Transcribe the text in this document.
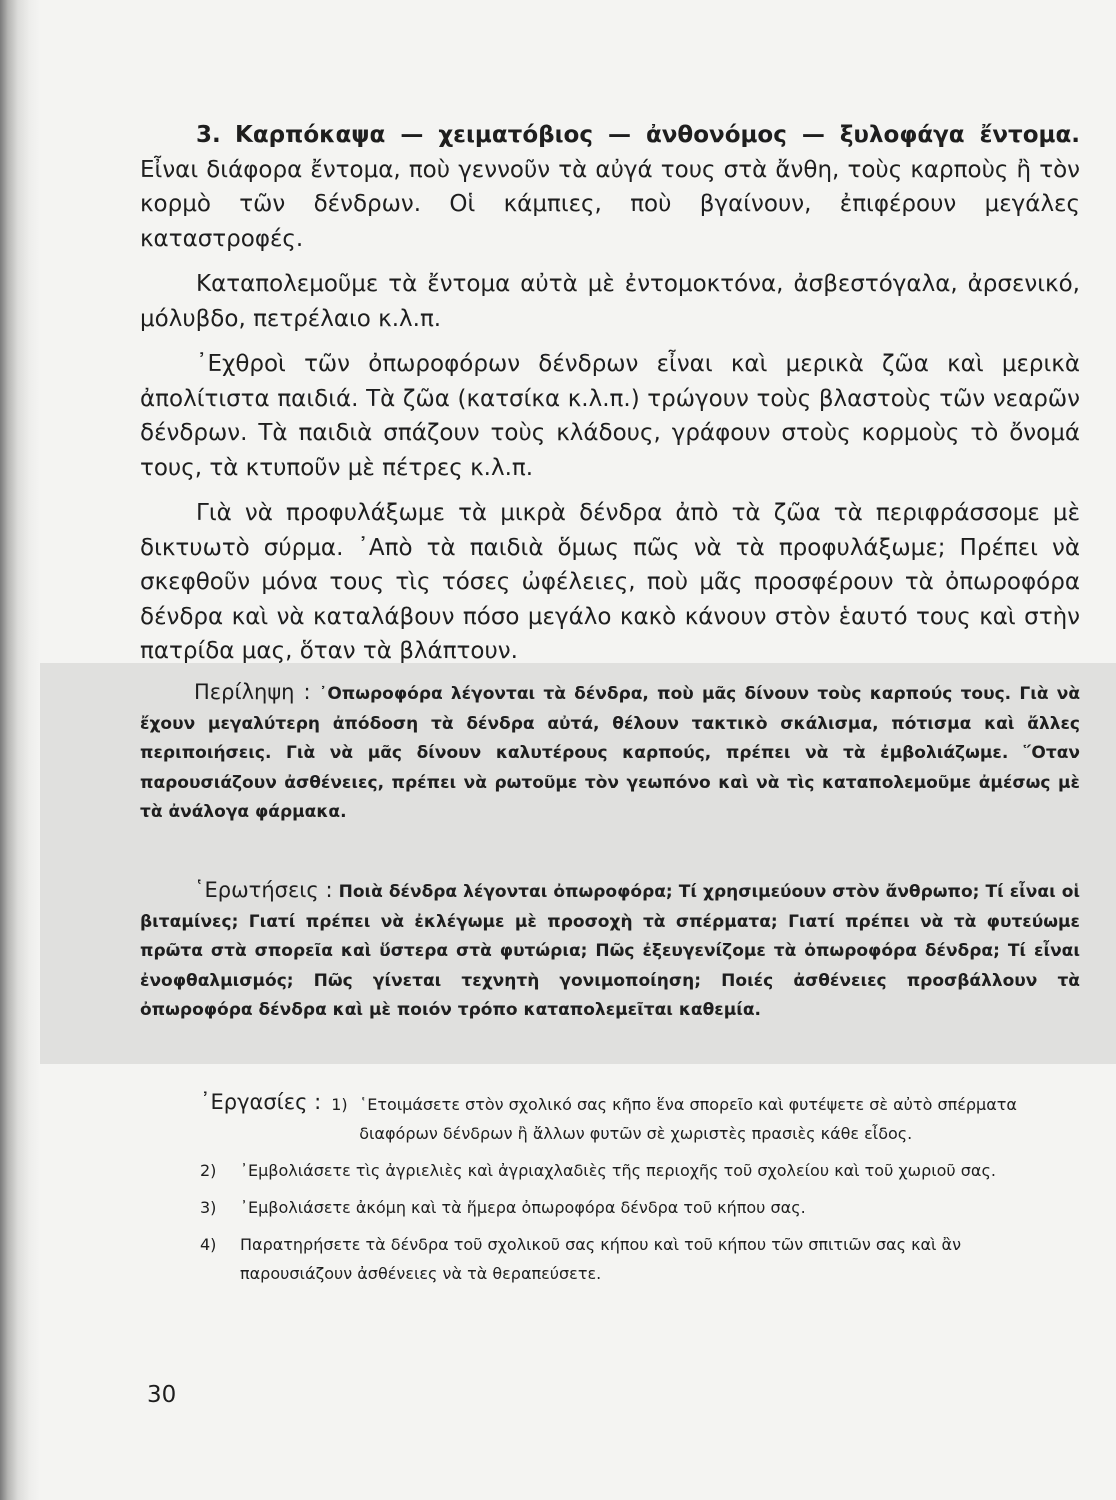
3. Καρπόκαψα — χειματόβιος — ἀνθονόμος — ξυλοφάγα ἔντομα. Εἶναι διάφορα ἔντομα, ποὺ γεννοῦν τὰ αὐγά τους στὰ ἄνθη, τοὺς καρποὺς ἢ τὸν κορμὸ τῶν δένδρων. Οἱ κάμπιες, ποὺ βγαίνουν, ἐπιφέρουν μεγάλες καταστροφές.

Καταπολεμοῦμε τὰ ἔντομα αὐτὰ μὲ ἐντομοκτόνα, ἀσβεστόγαλα, ἀρσενικό, μόλυβδο, πετρέλαιο κ.λ.π.

᾿Εχθροὶ τῶν ὀπωροφόρων δένδρων εἶναι καὶ μερικὰ ζῶα καὶ μερικὰ ἀπολίτιστα παιδιά. Τὰ ζῶα (κατσίκα κ.λ.π.) τρώγουν τοὺς βλαστοὺς τῶν νεαρῶν δένδρων. Τὰ παιδιὰ σπάζουν τοὺς κλάδους, γράφουν στοὺς κορμοὺς τὸ ὄνομά τους, τὰ κτυποῦν μὲ πέτρες κ.λ.π.

Γιὰ νὰ προφυλάξωμε τὰ μικρὰ δένδρα ἀπὸ τὰ ζῶα τὰ περιφράσσομε μὲ δικτυωτὸ σύρμα. ᾿Απὸ τὰ παιδιὰ ὅμως πῶς νὰ τὰ προφυλάξωμε; Πρέπει νὰ σκεφθοῦν μόνα τους τὶς τόσες ὠφέλειες, ποὺ μᾶς προσφέρουν τὰ ὀπωροφόρα δένδρα καὶ νὰ καταλάβουν πόσο μεγάλο κακὸ κάνουν στὸν ἑαυτό τους καὶ στὴν πατρίδα μας, ὅταν τὰ βλάπτουν.

Περίληψη : ᾿Οπωροφόρα λέγονται τὰ δένδρα, ποὺ μᾶς δίνουν τοὺς καρπούς τους. Γιὰ νὰ ἔχουν μεγαλύτερη ἀπόδοση τὰ δένδρα αὐτά, θέλουν τακτικὸ σκάλισμα, πότισμα καὶ ἄλλες περιποιήσεις. Γιὰ νὰ μᾶς δίνουν καλυτέρους καρπούς, πρέπει νὰ τὰ ἐμβολιάζωμε. ῞Οταν παρουσιάζουν ἀσθένειες, πρέπει νὰ ρωτοῦμε τὸν γεωπόνο καὶ νὰ τὶς καταπολεμοῦμε ἀμέσως μὲ τὰ ἀνάλογα φάρμακα.

῾Ερωτήσεις : Ποιὰ δένδρα λέγονται ὀπωροφόρα; Τί χρησιμεύουν στὸν ἄνθρωπο; Τί εἶναι οἱ βιταμίνες; Γιατί πρέπει νὰ ἐκλέγωμε μὲ προσοχὴ τὰ σπέρματα; Γιατί πρέπει νὰ τὰ φυτεύωμε πρῶτα στὰ σπορεῖα καὶ ὕστερα στὰ φυτώρια; Πῶς ἐξευγενίζομε τὰ ὀπωροφόρα δένδρα; Τί εἶναι ἐνοφθαλμισμός; Πῶς γίνεται τεχνητὴ γονιμοποίηση; Ποιές ἀσθένειες προσβάλλουν τὰ ὀπωροφόρα δένδρα καὶ μὲ ποιόν τρόπο καταπολεμεῖται καθεμία.

᾿Εργασίες : 1) ῾Ετοιμάσετε στὸν σχολικό σας κῆπο ἕνα σπορεῖο καὶ φυτέψετε σὲ αὐτὸ σπέρματα διαφόρων δένδρων ἢ ἄλλων φυτῶν σὲ χωριστὲς πρασιὲς κάθε εἶδος.
2)	᾿Εμβολιάσετε τὶς ἀγριελιὲς καὶ ἀγριαχλαδιὲς τῆς περιοχῆς τοῦ σχολείου καὶ τοῦ χωριοῦ σας.
3)	᾿Εμβολιάσετε ἀκόμη καὶ τὰ ἥμερα ὀπωροφόρα δένδρα τοῦ κήπου σας.
4)	Παρατηρήσετε τὰ δένδρα τοῦ σχολικοῦ σας κήπου καὶ τοῦ κήπου τῶν σπιτιῶν σας καὶ ἂν παρουσιάζουν ἀσθένειες νὰ τὰ θεραπεύσετε.
30
